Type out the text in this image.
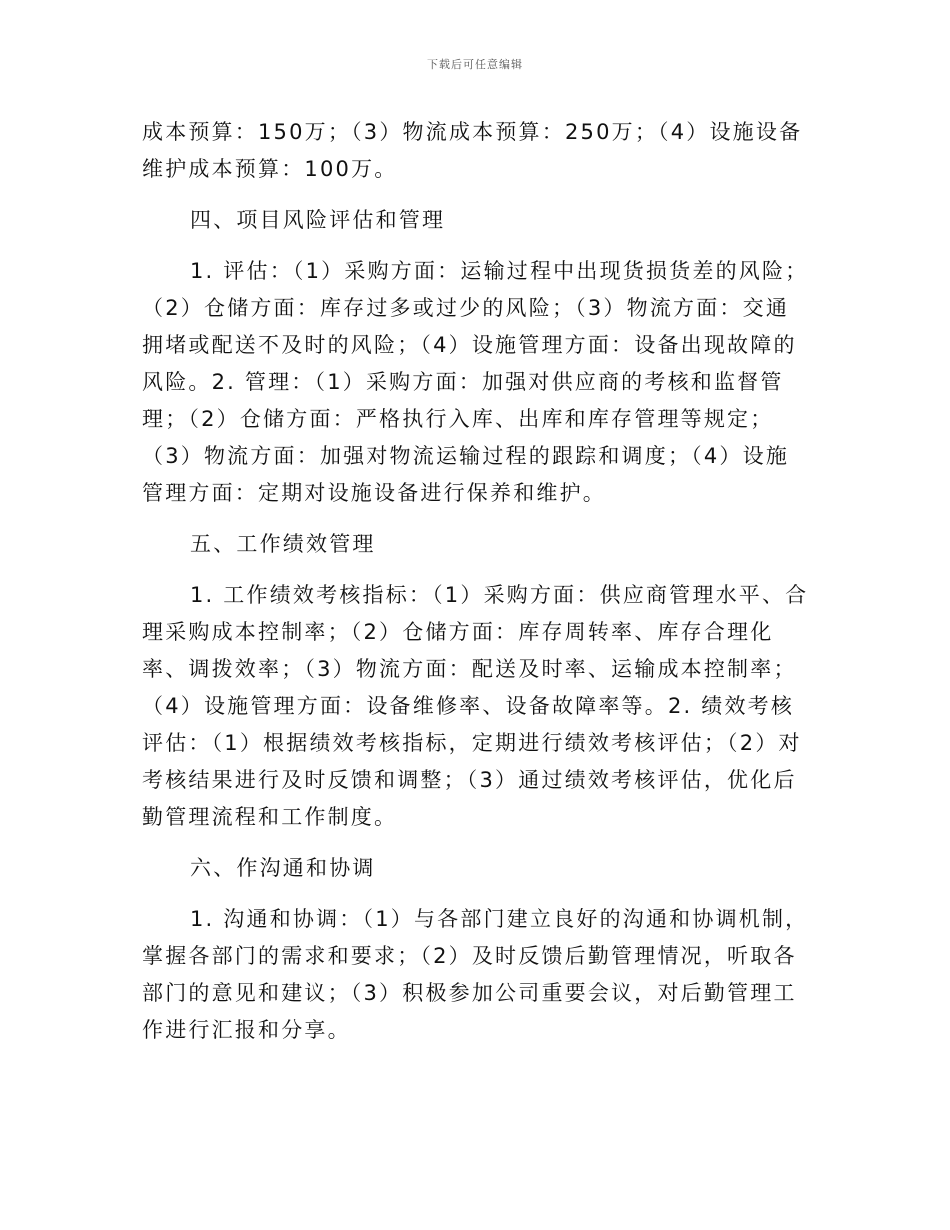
下载后可任意编辑

成本预算：150万；（3）物流成本预算：250万；（4）设施设备维护成本预算：100万。

四、项目风险评估和管理

1. 评估：（1）采购方面：运输过程中出现货损货差的风险；（2）仓储方面：库存过多或过少的风险；（3）物流方面：交通拥堵或配送不及时的风险；（4）设施管理方面：设备出现故障的风险。2. 管理：（1）采购方面：加强对供应商的考核和监督管理；（2）仓储方面：严格执行入库、出库和库存管理等规定；（3）物流方面：加强对物流运输过程的跟踪和调度；（4）设施管理方面：定期对设施设备进行保养和维护。

五、工作绩效管理

1. 工作绩效考核指标：（1）采购方面：供应商管理水平、合理采购成本控制率；（2）仓储方面：库存周转率、库存合理化率、调拨效率；（3）物流方面：配送及时率、运输成本控制率；（4）设施管理方面：设备维修率、设备故障率等。2. 绩效考核评估：（1）根据绩效考核指标，定期进行绩效考核评估；（2）对考核结果进行及时反馈和调整；（3）通过绩效考核评估，优化后勤管理流程和工作制度。

六、作沟通和协调

1. 沟通和协调：（1）与各部门建立良好的沟通和协调机制，掌握各部门的需求和要求；（2）及时反馈后勤管理情况，听取各部门的意见和建议；（3）积极参加公司重要会议，对后勤管理工作进行汇报和分享。
